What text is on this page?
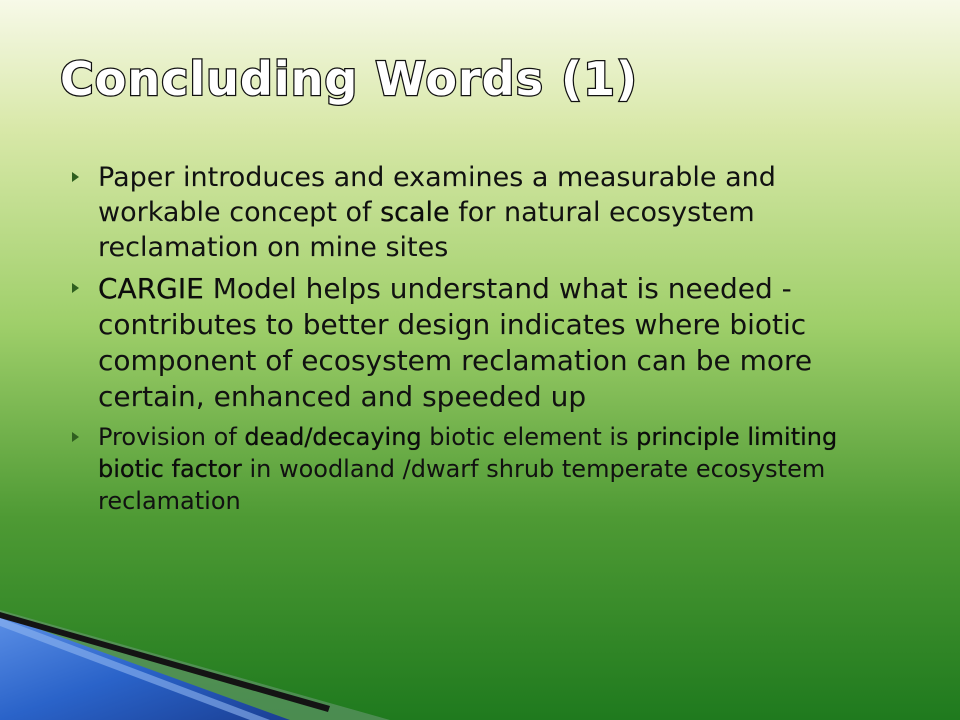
Concluding Words (1)
Paper introduces and examines a measurable and workable concept of scale for natural ecosystem reclamation on mine sites
CARGIE Model helps understand what is needed - contributes to better design indicates where biotic component of ecosystem reclamation can be more certain, enhanced and speeded up
Provision of dead/decaying biotic element is principle limiting biotic factor in woodland /dwarf shrub temperate ecosystem reclamation
